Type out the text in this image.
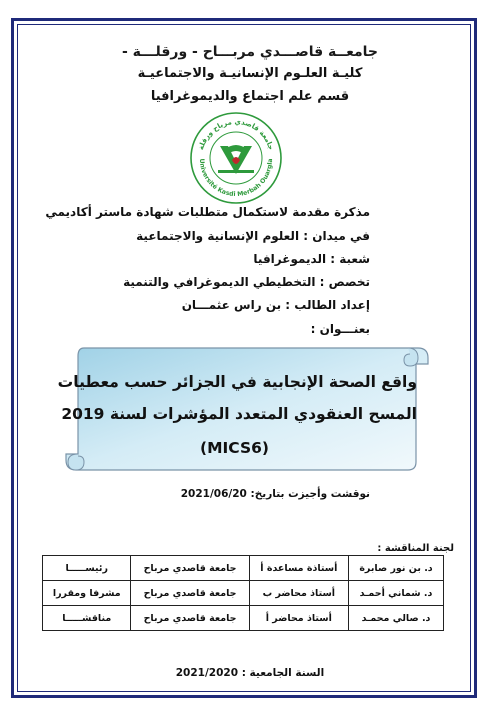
جامعــة قاصـــدي مربـــاح - ورقلـــة -
كليـة العلـوم الإنسانيـة والاجتماعيـة
قسم علم اجتماع والديموغرافيا
جامعة قاصدي مرباح ورقلة
Université Kasdi Merbah Ouargla
مذكرة مقدمة لاستكمال متطلبات شهادة ماستر أكاديمي
في ميدان : العلوم الإنسانية والاجتماعية
شعبة : الديموغرافيا
تخصص : التخطيطي الديموغرافي والتنمية
إعداد الطالب : بن راس عثمـــان
بعنـــوان :
واقع الصحة الإنجابية في الجزائر حسب معطيات
المسح العنقودي المتعدد المؤشرات لسنة 2019
(MICS6)
نوقشت وأجيزت بتاريخ: 2021/06/20
لجنة المناقشة :
د. بن نور صابرة	أستاذة مساعدة أ	جامعة قاصدي مرباح	رئيســـــا
د. شماني أحمـد	أستاذ محاضر ب	جامعة قاصدي مرباح	مشرفا ومقررا
د. صالي محمـد	أستاذ محاضر أ	جامعة قاصدي مرباح	مناقشـــــا
السنة الجامعية : 2021/2020
